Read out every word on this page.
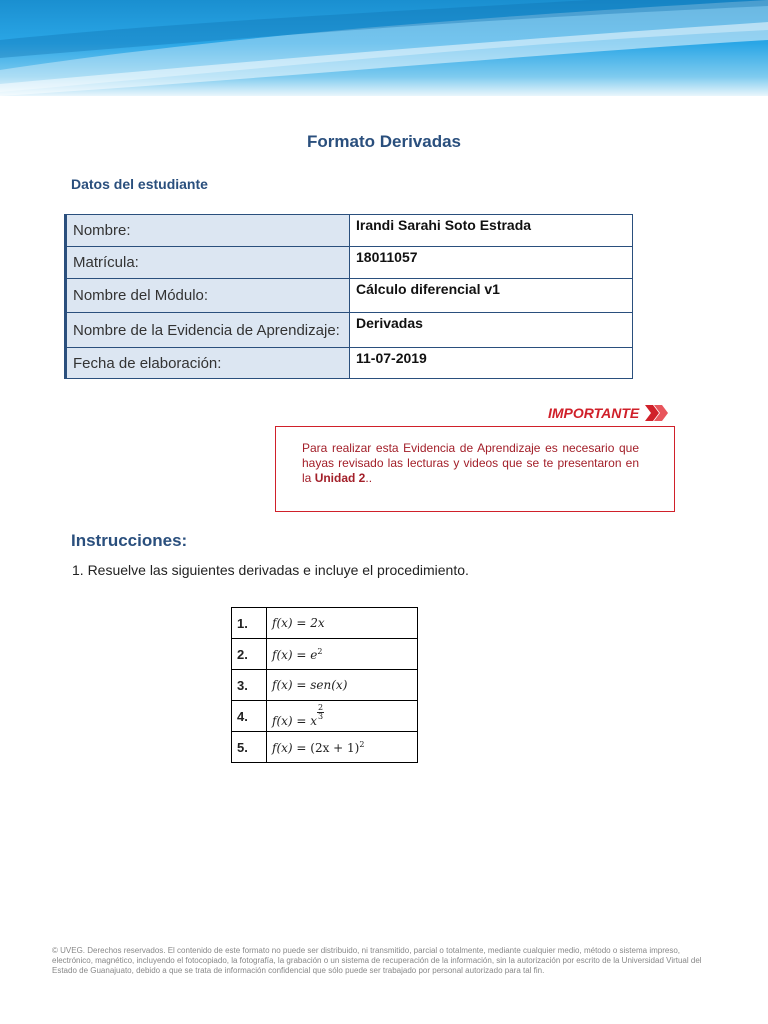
Formato Derivadas
Datos del estudiante
Nombre:	Irandi Sarahi Soto Estrada
Matrícula:	18011057
Nombre del Módulo:	Cálculo diferencial v1
Nombre de la Evidencia de Aprendizaje:	Derivadas
Fecha de elaboración:	11-07-2019
IMPORTANTE
Para realizar esta Evidencia de Aprendizaje es necesario que hayas revisado las lecturas y videos que se te presentaron en la Unidad 2..
Instrucciones:
1. Resuelve las siguientes derivadas e incluye el procedimiento.
1.	f(x) = 2x
2.	$f(x) = e^2$
3.	f(x) = sen(x)
4.	f(x) = x $\frac{2}{3}$

5.	$f(x) = (2x + 1)^2$
© UVEG. Derechos reservados. El contenido de este formato no puede ser distribuido, ni transmitido, parcial o totalmente, mediante cualquier medio, método o sistema impreso, electrónico, magnético, incluyendo el fotocopiado, la fotografía, la grabación o un sistema de recuperación de la información, sin la autorización por escrito de la Universidad Virtual del Estado de Guanajuato, debido a que se trata de información confidencial que sólo puede ser trabajado por personal autorizado para tal fin.
